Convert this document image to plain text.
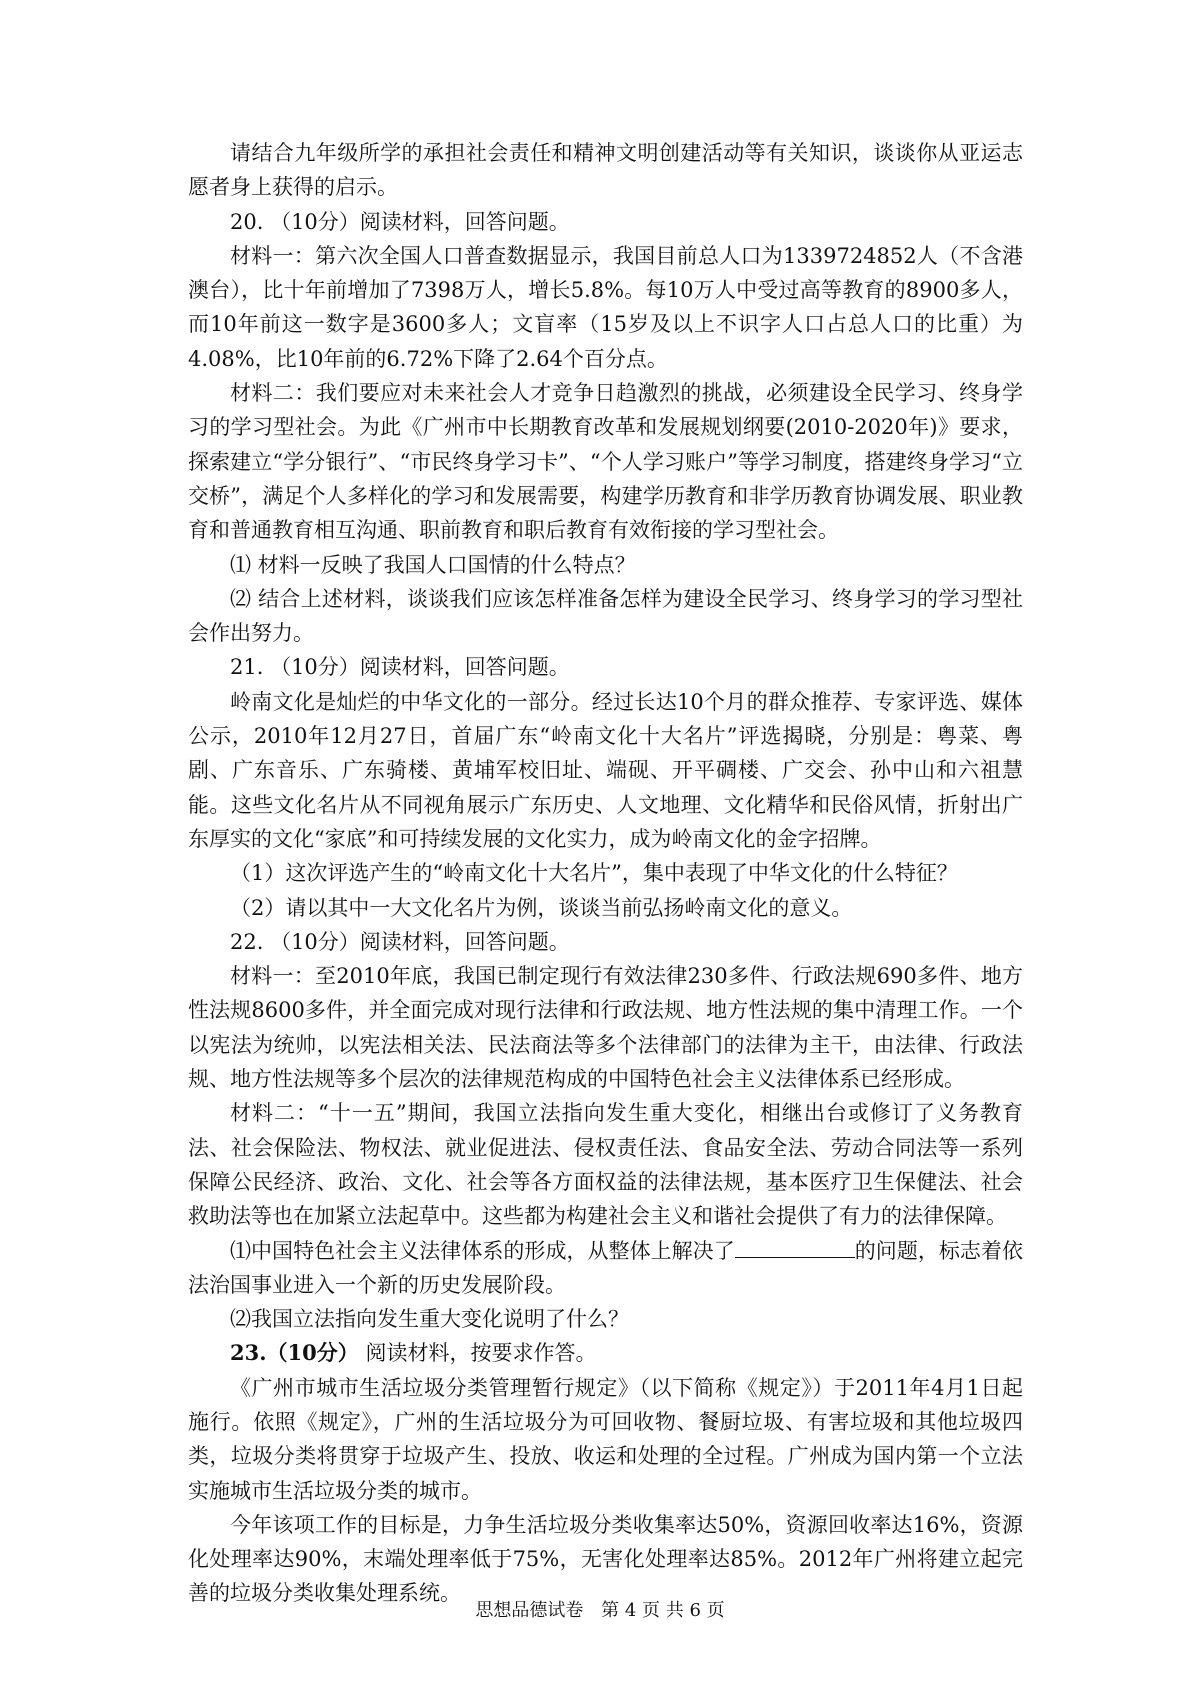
请结合九年级所学的承担社会责任和精神文明创建活动等有关知识，谈谈你从亚运志愿者身上获得的启示。

20. （10分）阅读材料，回答问题。

材料一：第六次全国人口普查数据显示，我国目前总人口为1339724852人（不含港澳台），比十年前增加了7398万人，增长5.8%。每10万人中受过高等教育的8900多人，而10年前这一数字是3600多人；文盲率（15岁及以上不识字人口占总人口的比重）为4.08%，比10年前的6.72%下降了2.64个百分点。

材料二：我们要应对未来社会人才竞争日趋激烈的挑战，必须建设全民学习、终身学习的学习型社会。为此《广州市中长期教育改革和发展规划纲要(2010-2020年)》要求，探索建立“学分银行”、“市民终身学习卡”、“个人学习账户”等学习制度，搭建终身学习“立交桥”，满足个人多样化的学习和发展需要，构建学历教育和非学历教育协调发展、职业教育和普通教育相互沟通、职前教育和职后教育有效衔接的学习型社会。

⑴ 材料一反映了我国人口国情的什么特点？

⑵ 结合上述材料，谈谈我们应该怎样准备怎样为建设全民学习、终身学习的学习型社会作出努力。

21. （10分）阅读材料，回答问题。

岭南文化是灿烂的中华文化的一部分。经过长达10个月的群众推荐、专家评选、媒体公示，2010年12月27日，首届广东“岭南文化十大名片”评选揭晓，分别是：粤菜、粤剧、广东音乐、广东骑楼、黄埔军校旧址、端砚、开平碉楼、广交会、孙中山和六祖慧能。这些文化名片从不同视角展示广东历史、人文地理、文化精华和民俗风情，折射出广东厚实的文化“家底”和可持续发展的文化实力，成为岭南文化的金字招牌。

（1）这次评选产生的“岭南文化十大名片”，集中表现了中华文化的什么特征？

（2）请以其中一大文化名片为例，谈谈当前弘扬岭南文化的意义。

22. （10分）阅读材料，回答问题。

材料一：至2010年底，我国已制定现行有效法律230多件、行政法规690多件、地方性法规8600多件，并全面完成对现行法律和行政法规、地方性法规的集中清理工作。一个以宪法为统帅，以宪法相关法、民法商法等多个法律部门的法律为主干，由法律、行政法规、地方性法规等多个层次的法律规范构成的中国特色社会主义法律体系已经形成。

材料二：“十一五”期间，我国立法指向发生重大变化，相继出台或修订了义务教育法、社会保险法、物权法、就业促进法、侵权责任法、食品安全法、劳动合同法等一系列保障公民经济、政治、文化、社会等各方面权益的法律法规，基本医疗卫生保健法、社会救助法等也在加紧立法起草中。这些都为构建社会主义和谐社会提供了有力的法律保障。

⑴中国特色社会主义法律体系的形成，从整体上解决了	的问题，标志着依法治国事业进入一个新的历史发展阶段。

⑵我国立法指向发生重大变化说明了什么？

23.（10分） 阅读材料，按要求作答。

《广州市城市生活垃圾分类管理暂行规定》（以下简称《规定》）于2011年4月1日起施行。依照《规定》，广州的生活垃圾分为可回收物、餐厨垃圾、有害垃圾和其他垃圾四类，垃圾分类将贯穿于垃圾产生、投放、收运和处理的全过程。广州成为国内第一个立法实施城市生活垃圾分类的城市。

今年该项工作的目标是，力争生活垃圾分类收集率达50%，资源回收率达16%，资源化处理率达90%，末端处理率低于75%，无害化处理率达85%。2012年广州将建立起完善的垃圾分类收集处理系统。

思想品德试卷 第 4 页 共 6 页
